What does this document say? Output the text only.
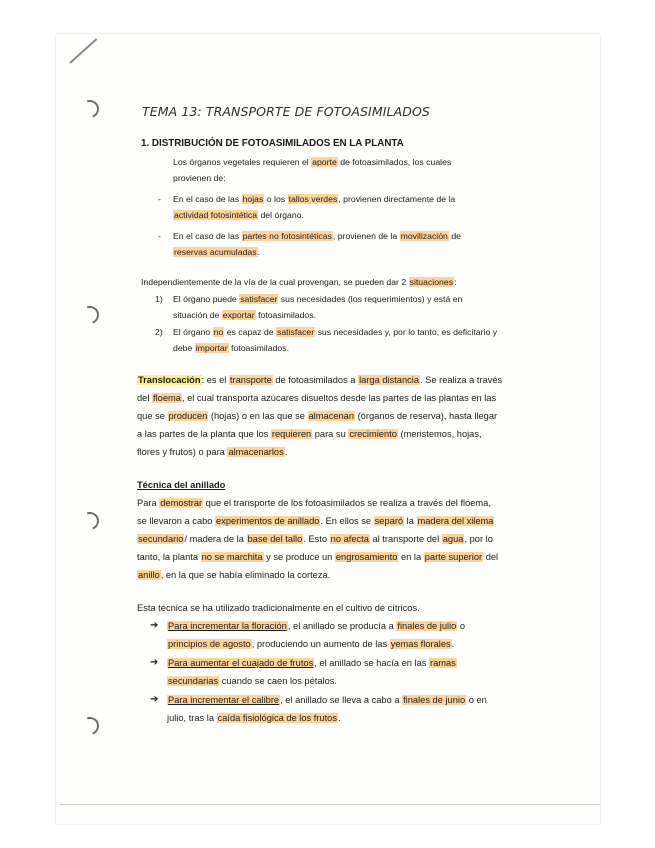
TEMA 13: TRANSPORTE DE FOTOASIMILADOS
1. DISTRIBUCIÓN DE FOTOASIMILADOS EN LA PLANTA
Los órganos vegetales requieren el aporte de fotoasimilados, los cuales
provienen de:
- En el caso de las hojas o los tallos verdes, provienen directamente de la
actividad fotosintética del órgano.
- En el caso de las partes no fotosintéticas, provienen de la movilización de
reservas acumuladas.
Independientemente de la vía de la cual provengan, se pueden dar 2 situaciones:
1) El órgano puede satisfacer sus necesidades (los requerimientos) y está en
situación de exportar fotoasimilados.
2) El órgano no es capaz de satisfacer sus necesidades y, por lo tanto, es deficitario y
debe importar fotoasimilados.
Translocación: es el transporte de fotoasimilados a larga distancia. Se realiza a través
del floema, el cual transporta azúcares disueltos desde las partes de las plantas en las
que se producen (hojas) o en las que se almacenan (órganos de reserva), hasta llegar
a las partes de la planta que los requieren para su crecimiento (meristemos, hojas,
flores y frutos) o para almacenarlos.
Técnica del anillado
Para demostrar que el transporte de los fotoasimilados se realiza a través del floema,
se llevaron a cabo experimentos de anillado. En ellos se separó la madera del xilema
secundario/ madera de la base del tallo. Esto no afecta al transporte del agua, por lo
tanto, la planta no se marchita y se produce un engrosamiento en la parte superior del
anillo, en la que se había eliminado la corteza.
Esta técnica se ha utilizado tradicionalmente en el cultivo de cítricos.
➔ Para incrementar la floración, el anillado se producía a finales de julio o
principios de agosto, produciendo un aumento de las yemas florales.
➔ Para aumentar el cuajado de frutos, el anillado se hacía en las ramas
secundarias cuando se caen los pétalos.
➔ Para incrementar el calibre, el anillado se lleva a cabo a finales de junio o en
julio, tras la caída fisiológica de los frutos.
